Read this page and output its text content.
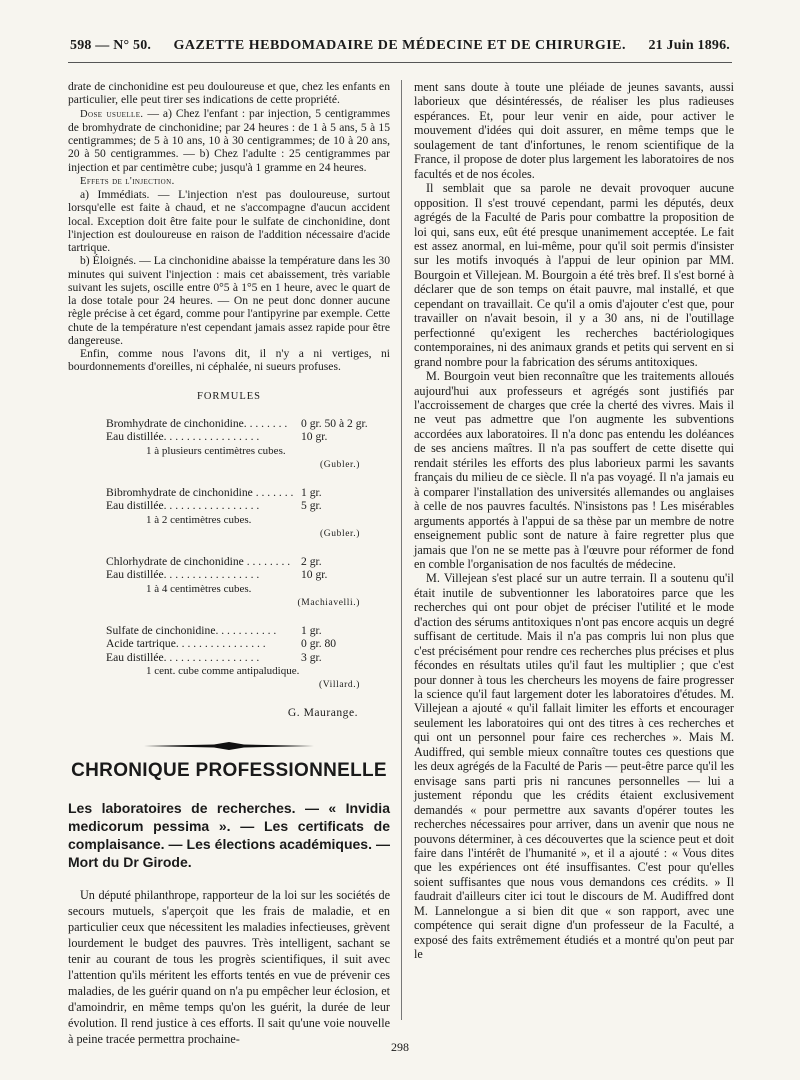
598 — N° 50. GAZETTE HEBDOMADAIRE DE MÉDECINE ET DE CHIRURGIE. 21 Juin 1896.

drate de cinchonidine est peu douloureuse et que, chez les enfants en particulier, elle peut tirer ses indications de cette propriété.

Dose usuelle. — a) Chez l'enfant : par injection, 5 centigrammes de bromhydrate de cinchonidine; par 24 heures : de 1 à 5 ans, 5 à 15 centigrammes; de 5 à 10 ans, 10 à 30 centigrammes; de 10 à 20 ans, 20 à 50 centigrammes. — b) Chez l'adulte : 25 centigrammes par injection et par centimètre cube; jusqu'à 1 gramme en 24 heures.

Effets de l'injection.

a) Immédiats. — L'injection n'est pas douloureuse, surtout lorsqu'elle est faite à chaud, et ne s'accompagne d'aucun accident local. Exception doit être faite pour le sulfate de cinchonidine, dont l'injection est douloureuse en raison de l'addition nécessaire d'acide tartrique.

b) Éloignés. — La cinchonidine abaisse la température dans les 30 minutes qui suivent l'injection : mais cet abaissement, très variable suivant les sujets, oscille entre 0°5 à 1°5 en 1 heure, avec le quart de la dose totale pour 24 heures. — On ne peut donc donner aucune règle précise à cet égard, comme pour l'antipyrine par exemple. Cette chute de la température n'est cependant jamais assez rapide pour être dangereuse.

Enfin, comme nous l'avons dit, il n'y a ni vertiges, ni bourdonnements d'oreilles, ni céphalée, ni sueurs profuses.

FORMULES
Bromhydrate de cinchonidine. . . . . . . .	0 gr. 50 à 2 gr.
Eau distillée. . . . . . . . . . . . . . . . .	10 gr.
1 à plusieurs centimètres cubes.
(Gubler.)
Bibromhydrate de cinchonidine . . . . . . . 1 gr.
Eau distillée. . . . . . . . . . . . . . . . .	5 gr.
1 à 2 centimètres cubes.
(Gubler.)
Chlorhydrate de cinchonidine . . . . . . . . 2 gr.
Eau distillée. . . . . . . . . . . . . . . . .	10 gr.
1 à 4 centimètres cubes.
(Machiavelli.)
Sulfate de cinchonidine. . . . . . . . . . .	1 gr.
Acide tartrique. . . . . . . . . . . . . . . .	0 gr. 80
Eau distillée. . . . . . . . . . . . . . . . .	3 gr.
1 cent. cube comme antipaludique.
(Villard.)
G. Maurange.
CHRONIQUE PROFESSIONNELLE
Les laboratoires de recherches. — « Invidia medicorum pessima ». — Les certificats de complaisance. — Les élections académiques. — Mort du Dr Girode.

Un député philanthrope, rapporteur de la loi sur les sociétés de secours mutuels, s'aperçoit que les frais de maladie, et en particulier ceux que nécessitent les maladies infectieuses, grèvent lourdement le budget des pauvres. Très intelligent, sachant se tenir au courant de tous les progrès scientifiques, il suit avec l'attention qu'ils méritent les efforts tentés en vue de prévenir ces maladies, de les guérir quand on n'a pu empêcher leur éclosion, et d'amoindrir, en même temps qu'on les guérit, la durée de leur évolution. Il rend justice à ces efforts. Il sait qu'une voie nouvelle à peine tracée permettra prochaine-

ment sans doute à toute une pléiade de jeunes savants, aussi laborieux que désintéressés, de réaliser les plus radieuses espérances. Et, pour leur venir en aide, pour activer le mouvement d'idées qui doit assurer, en même temps que le soulagement de tant d'infortunes, le renom scientifique de la France, il propose de doter plus largement les laboratoires de nos facultés et de nos écoles.

Il semblait que sa parole ne devait provoquer aucune opposition. Il s'est trouvé cependant, parmi les députés, deux agrégés de la Faculté de Paris pour combattre la proposition de loi qui, sans eux, eût été presque unanimement acceptée. Le fait est assez anormal, en lui-même, pour qu'il soit permis d'insister sur les motifs invoqués à l'appui de leur opinion par MM. Bourgoin et Villejean. M. Bourgoin a été très bref. Il s'est borné à déclarer que de son temps on était pauvre, mal installé, et que cependant on travaillait. Ce qu'il a omis d'ajouter c'est que, pour travailler on n'avait besoin, il y a 30 ans, ni de l'outillage perfectionné qu'exigent les recherches bactériologiques contemporaines, ni des animaux grands et petits qui servent en si grand nombre pour la fabrication des sérums antitoxiques.

M. Bourgoin veut bien reconnaître que les traitements alloués aujourd'hui aux professeurs et agrégés sont justifiés par l'accroissement de charges que crée la cherté des vivres. Mais il ne veut pas admettre que l'on augmente les subventions accordées aux laboratoires. Il n'a donc pas entendu les doléances de ses anciens maîtres. Il n'a pas souffert de cette disette qui rendait stériles les efforts des plus laborieux parmi les savants français du milieu de ce siècle. Il n'a pas voyagé. Il n'a jamais eu à comparer l'installation des universités allemandes ou anglaises à celle de nos pauvres facultés. N'insistons pas ! Les misérables arguments apportés à l'appui de sa thèse par un membre de notre enseignement public sont de nature à faire regretter plus que jamais que l'on ne se mette pas à l'œuvre pour réformer de fond en comble l'organisation de nos facultés de médecine.

M. Villejean s'est placé sur un autre terrain. Il a soutenu qu'il était inutile de subventionner les laboratoires parce que les recherches qui ont pour objet de préciser l'utilité et le mode d'action des sérums antitoxiques n'ont pas encore acquis un degré suffisant de certitude. Mais il n'a pas compris lui non plus que c'est précisément pour rendre ces recherches plus précises et plus fécondes en résultats utiles qu'il faut les multiplier ; que c'est pour donner à tous les chercheurs les moyens de faire progresser la science qu'il faut largement doter les laboratoires d'études. M. Villejean a ajouté « qu'il fallait limiter les efforts et encourager seulement les laboratoires qui ont des titres à ces recherches et qui ont un personnel pour faire ces recherches ». Mais M. Audiffred, qui semble mieux connaître toutes ces questions que les deux agrégés de la Faculté de Paris — peut-être parce qu'il les envisage sans parti pris ni rancunes personnelles — lui a justement répondu que les crédits étaient exclusivement demandés « pour permettre aux savants d'opérer toutes les recherches nécessaires pour arriver, dans un avenir que nous ne pouvons déterminer, à ces découvertes que la science peut et doit faire dans l'intérêt de l'humanité », et il a ajouté : « Vous dites que les expériences ont été insuffisantes. C'est pour qu'elles soient suffisantes que nous vous demandons ces crédits. » Il faudrait d'ailleurs citer ici tout le discours de M. Audiffred dont M. Lannelongue a si bien dit que « son rapport, avec une compétence qui serait digne d'un professeur de la Faculté, a exposé des faits extrêmement étudiés et a montré qu'on peut par le

298
